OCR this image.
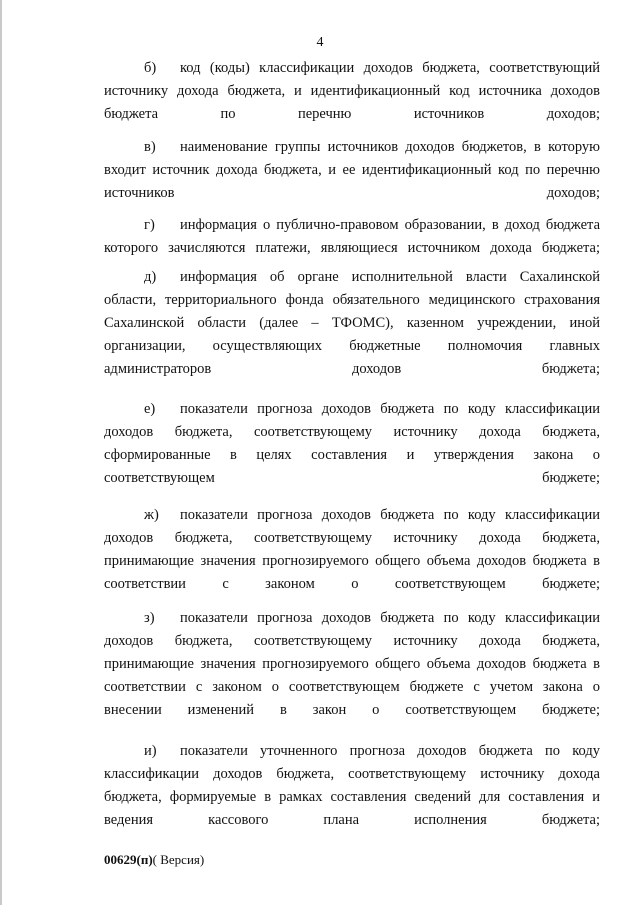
4

б) код (коды) классификации доходов бюджета, соответствующий источнику дохода бюджета, и идентификационный код источника доходов бюджета по перечню источников доходов;

в) наименование группы источников доходов бюджетов, в которую входит источник дохода бюджета, и ее идентификационный код по перечню источников доходов;

г) информация о публично-правовом образовании, в доход бюджета которого зачисляются платежи, являющиеся источником дохода бюджета;

д) информация об органе исполнительной власти Сахалинской области, территориального фонда обязательного медицинского страхования Сахалинской области (далее – ТФОМС), казенном учреждении, иной организации, осуществляющих бюджетные полномочия главных администраторов доходов бюджета;

е) показатели прогноза доходов бюджета по коду классификации доходов бюджета, соответствующему источнику дохода бюджета, сформированные в целях составления и утверждения закона о соответствующем бюджете;

ж) показатели прогноза доходов бюджета по коду классификации доходов бюджета, соответствующему источнику дохода бюджета, принимающие значения прогнозируемого общего объема доходов бюджета в соответствии с законом о соответствующем бюджете;

з) показатели прогноза доходов бюджета по коду классификации доходов бюджета, соответствующему источнику дохода бюджета, принимающие значения прогнозируемого общего объема доходов бюджета в соответствии с законом о соответствующем бюджете с учетом закона о внесении изменений в закон о соответствующем бюджете;

и) показатели уточненного прогноза доходов бюджета по коду классификации доходов бюджета, соответствующему источнику дохода бюджета, формируемые в рамках составления сведений для составления и ведения кассового плана исполнения бюджета;

00629(п)( Версия)
